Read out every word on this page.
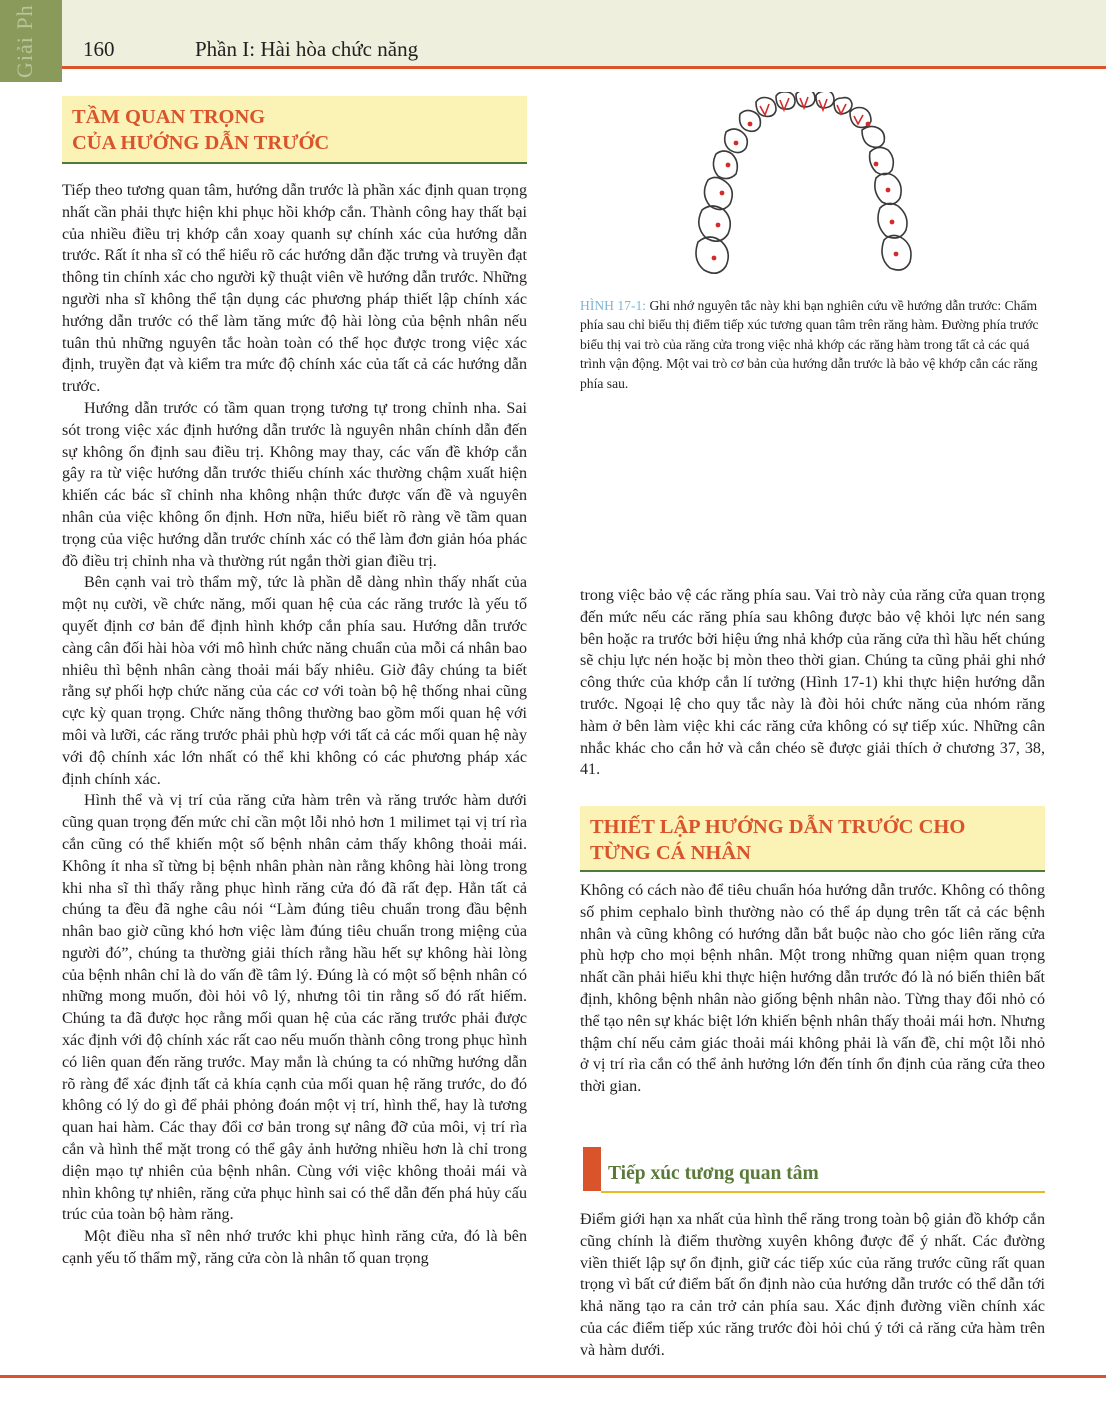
Giải Ph 160	Phần I: Hài hòa chức năng
TẦM QUAN TRỌNG
CỦA HƯỚNG DẪN TRƯỚC

Tiếp theo tương quan tâm, hướng dẫn trước là phần xác định quan trọng nhất cần phải thực hiện khi phục hồi khớp cắn. Thành công hay thất bại của nhiều điều trị khớp cắn xoay quanh sự chính xác của hướng dẫn trước. Rất ít nha sĩ có thể hiểu rõ các hướng dẫn đặc trưng và truyền đạt thông tin chính xác cho người kỹ thuật viên về hướng dẫn trước. Những người nha sĩ không thể tận dụng các phương pháp thiết lập chính xác hướng dẫn trước có thể làm tăng mức độ hài lòng của bệnh nhân nếu tuân thủ những nguyên tắc hoàn toàn có thể học được trong việc xác định, truyền đạt và kiểm tra mức độ chính xác của tất cả các hướng dẫn trước.

Hướng dẫn trước có tầm quan trọng tương tự trong chỉnh nha. Sai sót trong việc xác định hướng dẫn trước là nguyên nhân chính dẫn đến sự không ổn định sau điều trị. Không may thay, các vấn đề khớp cắn gây ra từ việc hướng dẫn trước thiếu chính xác thường chậm xuất hiện khiến các bác sĩ chỉnh nha không nhận thức được vấn đề và nguyên nhân của việc không ổn định. Hơn nữa, hiểu biết rõ ràng về tầm quan trọng của việc hướng dẫn trước chính xác có thể làm đơn giản hóa phác đồ điều trị chỉnh nha và thường rút ngắn thời gian điều trị.

Bên cạnh vai trò thẩm mỹ, tức là phần dễ dàng nhìn thấy nhất của một nụ cười, về chức năng, mối quan hệ của các răng trước là yếu tố quyết định cơ bản để định hình khớp cắn phía sau. Hướng dẫn trước càng cân đối hài hòa với mô hình chức năng chuẩn của mỗi cá nhân bao nhiêu thì bệnh nhân càng thoải mái bấy nhiêu. Giờ đây chúng ta biết rằng sự phối hợp chức năng của các cơ với toàn bộ hệ thống nhai cũng cực kỳ quan trọng. Chức năng thông thường bao gồm mối quan hệ với môi và lưỡi, các răng trước phải phù hợp với tất cả các mối quan hệ này với độ chính xác lớn nhất có thể khi không có các phương pháp xác định chính xác.

Hình thể và vị trí của răng cửa hàm trên và răng trước hàm dưới cũng quan trọng đến mức chỉ cần một lỗi nhỏ hơn 1 milimet tại vị trí rìa cắn cũng có thể khiến một số bệnh nhân cảm thấy không thoải mái. Không ít nha sĩ từng bị bệnh nhân phàn nàn rằng không hài lòng trong khi nha sĩ thì thấy rằng phục hình răng cửa đó đã rất đẹp. Hẳn tất cả chúng ta đều đã nghe câu nói “Làm đúng tiêu chuẩn trong đầu bệnh nhân bao giờ cũng khó hơn việc làm đúng tiêu chuẩn trong miệng của người đó”, chúng ta thường giải thích rằng hầu hết sự không hài lòng của bệnh nhân chỉ là do vấn đề tâm lý. Đúng là có một số bệnh nhân có những mong muốn, đòi hỏi vô lý, nhưng tôi tin rằng số đó rất hiếm. Chúng ta đã được học rằng mối quan hệ của các răng trước phải được xác định với độ chính xác rất cao nếu muốn thành công trong phục hình có liên quan đến răng trước. May mắn là chúng ta có những hướng dẫn rõ ràng để xác định tất cả khía cạnh của mối quan hệ răng trước, do đó không có lý do gì để phải phỏng đoán một vị trí, hình thể, hay là tương quan hai hàm. Các thay đổi cơ bản trong sự nâng đỡ của môi, vị trí rìa cắn và hình thể mặt trong có thể gây ảnh hưởng nhiều hơn là chỉ trong diện mạo tự nhiên của bệnh nhân. Cùng với việc không thoải mái và nhìn không tự nhiên, răng cửa phục hình sai có thể dẫn đến phá hủy cấu trúc của toàn bộ hàm răng.

Một điều nha sĩ nên nhớ trước khi phục hình răng cửa, đó là bên cạnh yếu tố thẩm mỹ, răng cửa còn là nhân tố quan trọng

HÌNH 17-1: Ghi nhớ nguyên tắc này khi bạn nghiên cứu về hướng dẫn trước: Chấm phía sau chỉ biểu thị điểm tiếp xúc tương quan tâm trên răng hàm. Đường phía trước biểu thị vai trò của răng cửa trong việc nhả khớp các răng hàm trong tất cả các quá trình vận động. Một vai trò cơ bản của hướng dẫn trước là bảo vệ khớp cắn các răng phía sau.

trong việc bảo vệ các răng phía sau. Vai trò này của răng cửa quan trọng đến mức nếu các răng phía sau không được bảo vệ khỏi lực nén sang bên hoặc ra trước bởi hiệu ứng nhả khớp của răng cửa thì hầu hết chúng sẽ chịu lực nén hoặc bị mòn theo thời gian. Chúng ta cũng phải ghi nhớ công thức của khớp cắn lí tưởng (Hình 17-1) khi thực hiện hướng dẫn trước. Ngoại lệ cho quy tắc này là đòi hỏi chức năng của nhóm răng hàm ở bên làm việc khi các răng cửa không có sự tiếp xúc. Những cân nhắc khác cho cắn hở và cắn chéo sẽ được giải thích ở chương 37, 38, 41.

THIẾT LẬP HƯỚNG DẪN TRƯỚC CHO
TỪNG CÁ NHÂN

Không có cách nào để tiêu chuẩn hóa hướng dẫn trước. Không có thông số phim cephalo bình thường nào có thể áp dụng trên tất cả các bệnh nhân và cũng không có hướng dẫn bắt buộc nào cho góc liên răng cửa phù hợp cho mọi bệnh nhân. Một trong những quan niệm quan trọng nhất cần phải hiểu khi thực hiện hướng dẫn trước đó là nó biến thiên bất định, không bệnh nhân nào giống bệnh nhân nào. Từng thay đổi nhỏ có thể tạo nên sự khác biệt lớn khiến bệnh nhân thấy thoải mái hơn. Nhưng thậm chí nếu cảm giác thoải mái không phải là vấn đề, chỉ một lỗi nhỏ ở vị trí rìa cắn có thể ảnh hưởng lớn đến tính ổn định của răng cửa theo thời gian.

Tiếp xúc tương quan tâm

Điểm giới hạn xa nhất của hình thể răng trong toàn bộ giản đồ khớp cắn cũng chính là điểm thường xuyên không được để ý nhất. Các đường viền thiết lập sự ổn định, giữ các tiếp xúc của răng trước cũng rất quan trọng vì bất cứ điểm bất ổn định nào của hướng dẫn trước có thể dẫn tới khả năng tạo ra cản trở cản phía sau. Xác định đường viền chính xác của các điểm tiếp xúc răng trước đòi hỏi chú ý tới cả răng cửa hàm trên và hàm dưới.
